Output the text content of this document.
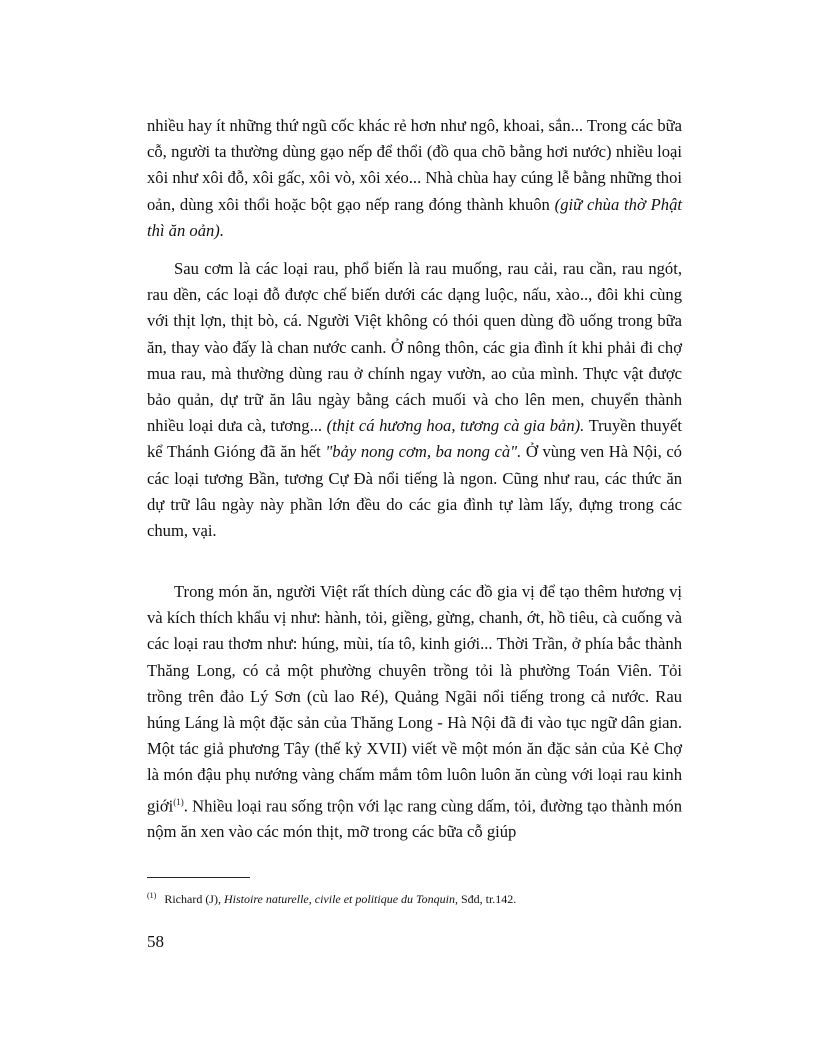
nhiều hay ít những thứ ngũ cốc khác rẻ hơn như ngô, khoai, sắn... Trong các bữa cỗ, người ta thường dùng gạo nếp để thổi (đồ qua chõ bằng hơi nước) nhiều loại xôi như xôi đỗ, xôi gấc, xôi vò, xôi xéo... Nhà chùa hay cúng lễ bằng những thoi oản, dùng xôi thổi hoặc bột gạo nếp rang đóng thành khuôn (giữ chùa thờ Phật thì ăn oản).

Sau cơm là các loại rau, phổ biến là rau muống, rau cải, rau cần, rau ngót, rau dền, các loại đỗ được chế biến dưới các dạng luộc, nấu, xào.., đôi khi cùng với thịt lợn, thịt bò, cá. Người Việt không có thói quen dùng đồ uống trong bữa ăn, thay vào đấy là chan nước canh. Ở nông thôn, các gia đình ít khi phải đi chợ mua rau, mà thường dùng rau ở chính ngay vườn, ao của mình. Thực vật được bảo quản, dự trữ ăn lâu ngày bằng cách muối và cho lên men, chuyển thành nhiều loại dưa cà, tương... (thịt cá hương hoa, tương cà gia bản). Truyền thuyết kể Thánh Gióng đã ăn hết "bảy nong cơm, ba nong cà". Ở vùng ven Hà Nội, có các loại tương Bần, tương Cự Đà nổi tiếng là ngon. Cũng như rau, các thức ăn dự trữ lâu ngày này phần lớn đều do các gia đình tự làm lấy, đựng trong các chum, vại.

Trong món ăn, người Việt rất thích dùng các đồ gia vị để tạo thêm hương vị và kích thích khẩu vị như: hành, tỏi, giềng, gừng, chanh, ớt, hồ tiêu, cà cuống và các loại rau thơm như: húng, mùi, tía tô, kinh giới... Thời Trần, ở phía bắc thành Thăng Long, có cả một phường chuyên trồng tỏi là phường Toán Viên. Tỏi trồng trên đảo Lý Sơn (cù lao Ré), Quảng Ngãi nổi tiếng trong cả nước. Rau húng Láng là một đặc sản của Thăng Long - Hà Nội đã đi vào tục ngữ dân gian. Một tác giả phương Tây (thế kỷ XVII) viết về một món ăn đặc sản của Kẻ Chợ là món đậu phụ nướng vàng chấm mắm tôm luôn luôn ăn cùng với loại rau kinh giới$^{(1)}$. Nhiều loại rau sống trộn với lạc rang cùng dấm, tỏi, đường tạo thành món nộm ăn xen vào các món thịt, mỡ trong các bữa cỗ giúp

$^{(1)}$ Richard (J), Histoire naturelle, civile et politique du Tonquin, Sđd, tr.142.
58
